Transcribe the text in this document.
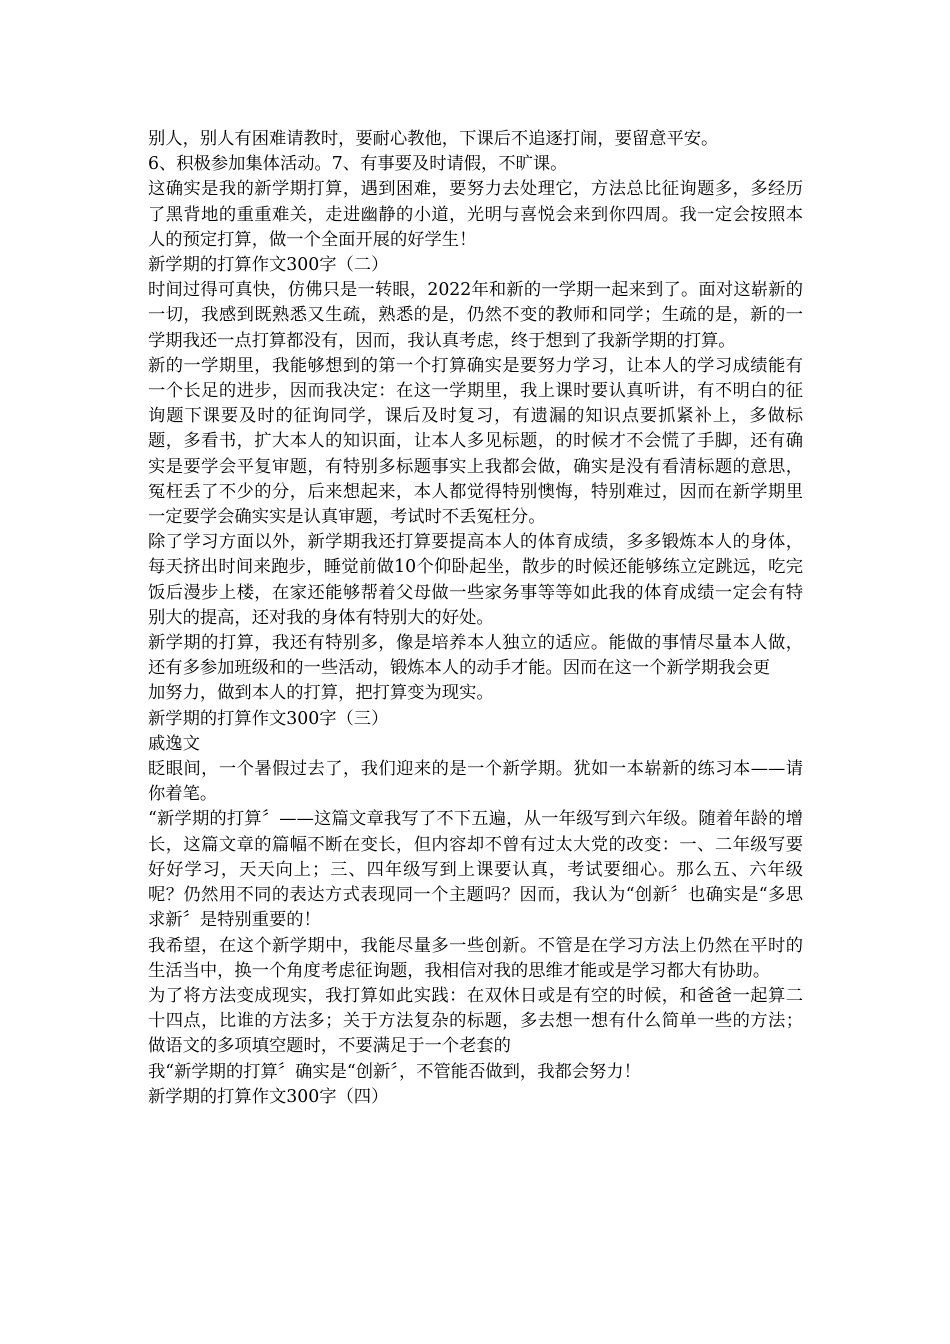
别人，别人有困难请教时，要耐心教他，下课后不追逐打闹，要留意平安。

6、积极参加集体活动。7、有事要及时请假，不旷课。

这确实是我的新学期打算，遇到困难，要努力去处理它，方法总比征询题多，多经历了黑背地的重重难关，走进幽静的小道，光明与喜悦会来到你四周。我一定会按照本人的预定打算，做一个全面开展的好学生！

新学期的打算作文300字（二）

时间过得可真快，仿佛只是一转眼，2022年和新的一学期一起来到了。面对这崭新的一切，我感到既熟悉又生疏，熟悉的是，仍然不变的教师和同学；生疏的是，新的一学期我还一点打算都没有，因而，我认真考虑，终于想到了我新学期的打算。

新的一学期里，我能够想到的第一个打算确实是要努力学习，让本人的学习成绩能有一个长足的进步，因而我决定：在这一学期里，我上课时要认真听讲，有不明白的征询题下课要及时的征询同学，课后及时复习，有遗漏的知识点要抓紧补上，多做标题，多看书，扩大本人的知识面，让本人多见标题，的时候才不会慌了手脚，还有确实是要学会平复审题，有特别多标题事实上我都会做，确实是没有看清标题的意思，冤枉丢了不少的分，后来想起来，本人都觉得特别懊悔，特别难过，因而在新学期里一定要学会确实实是认真审题，考试时不丢冤枉分。

除了学习方面以外，新学期我还打算要提高本人的体育成绩，多多锻炼本人的身体，每天挤出时间来跑步，睡觉前做10个仰卧起坐，散步的时候还能够练立定跳远，吃完饭后漫步上楼，在家还能够帮着父母做一些家务事等等如此我的体育成绩一定会有特别大的提高，还对我的身体有特别大的好处。

新学期的打算，我还有特别多，像是培养本人独立的适应。能做的事情尽量本人做，还有多参加班级和的一些活动，锻炼本人的动手才能。因而在这一个新学期我会更

加努力，做到本人的打算，把打算变为现实。

新学期的打算作文300字（三）

戚逸文

眨眼间，一个暑假过去了，我们迎来的是一个新学期。犹如一本崭新的练习本——请你着笔。

“新学期的打算〞——这篇文章我写了不下五遍，从一年级写到六年级。随着年龄的增长，这篇文章的篇幅不断在变长，但内容却不曾有过太大党的改变：一、二年级写要好好学习，天天向上；三、四年级写到上课要认真，考试要细心。那么五、六年级呢？仍然用不同的表达方式表现同一个主题吗？因而，我认为“创新〞也确实是“多思求新〞是特别重要的！

我希望，在这个新学期中，我能尽量多一些创新。不管是在学习方法上仍然在平时的生活当中，换一个角度考虑征询题，我相信对我的思维才能或是学习都大有协助。

为了将方法变成现实，我打算如此实践：在双休日或是有空的时候，和爸爸一起算二十四点，比谁的方法多；关于方法复杂的标题，多去想一想有什么简单一些的方法；做语文的多项填空题时，不要满足于一个老套的

我“新学期的打算〞确实是“创新〞，不管能否做到，我都会努力！

新学期的打算作文300字（四）
